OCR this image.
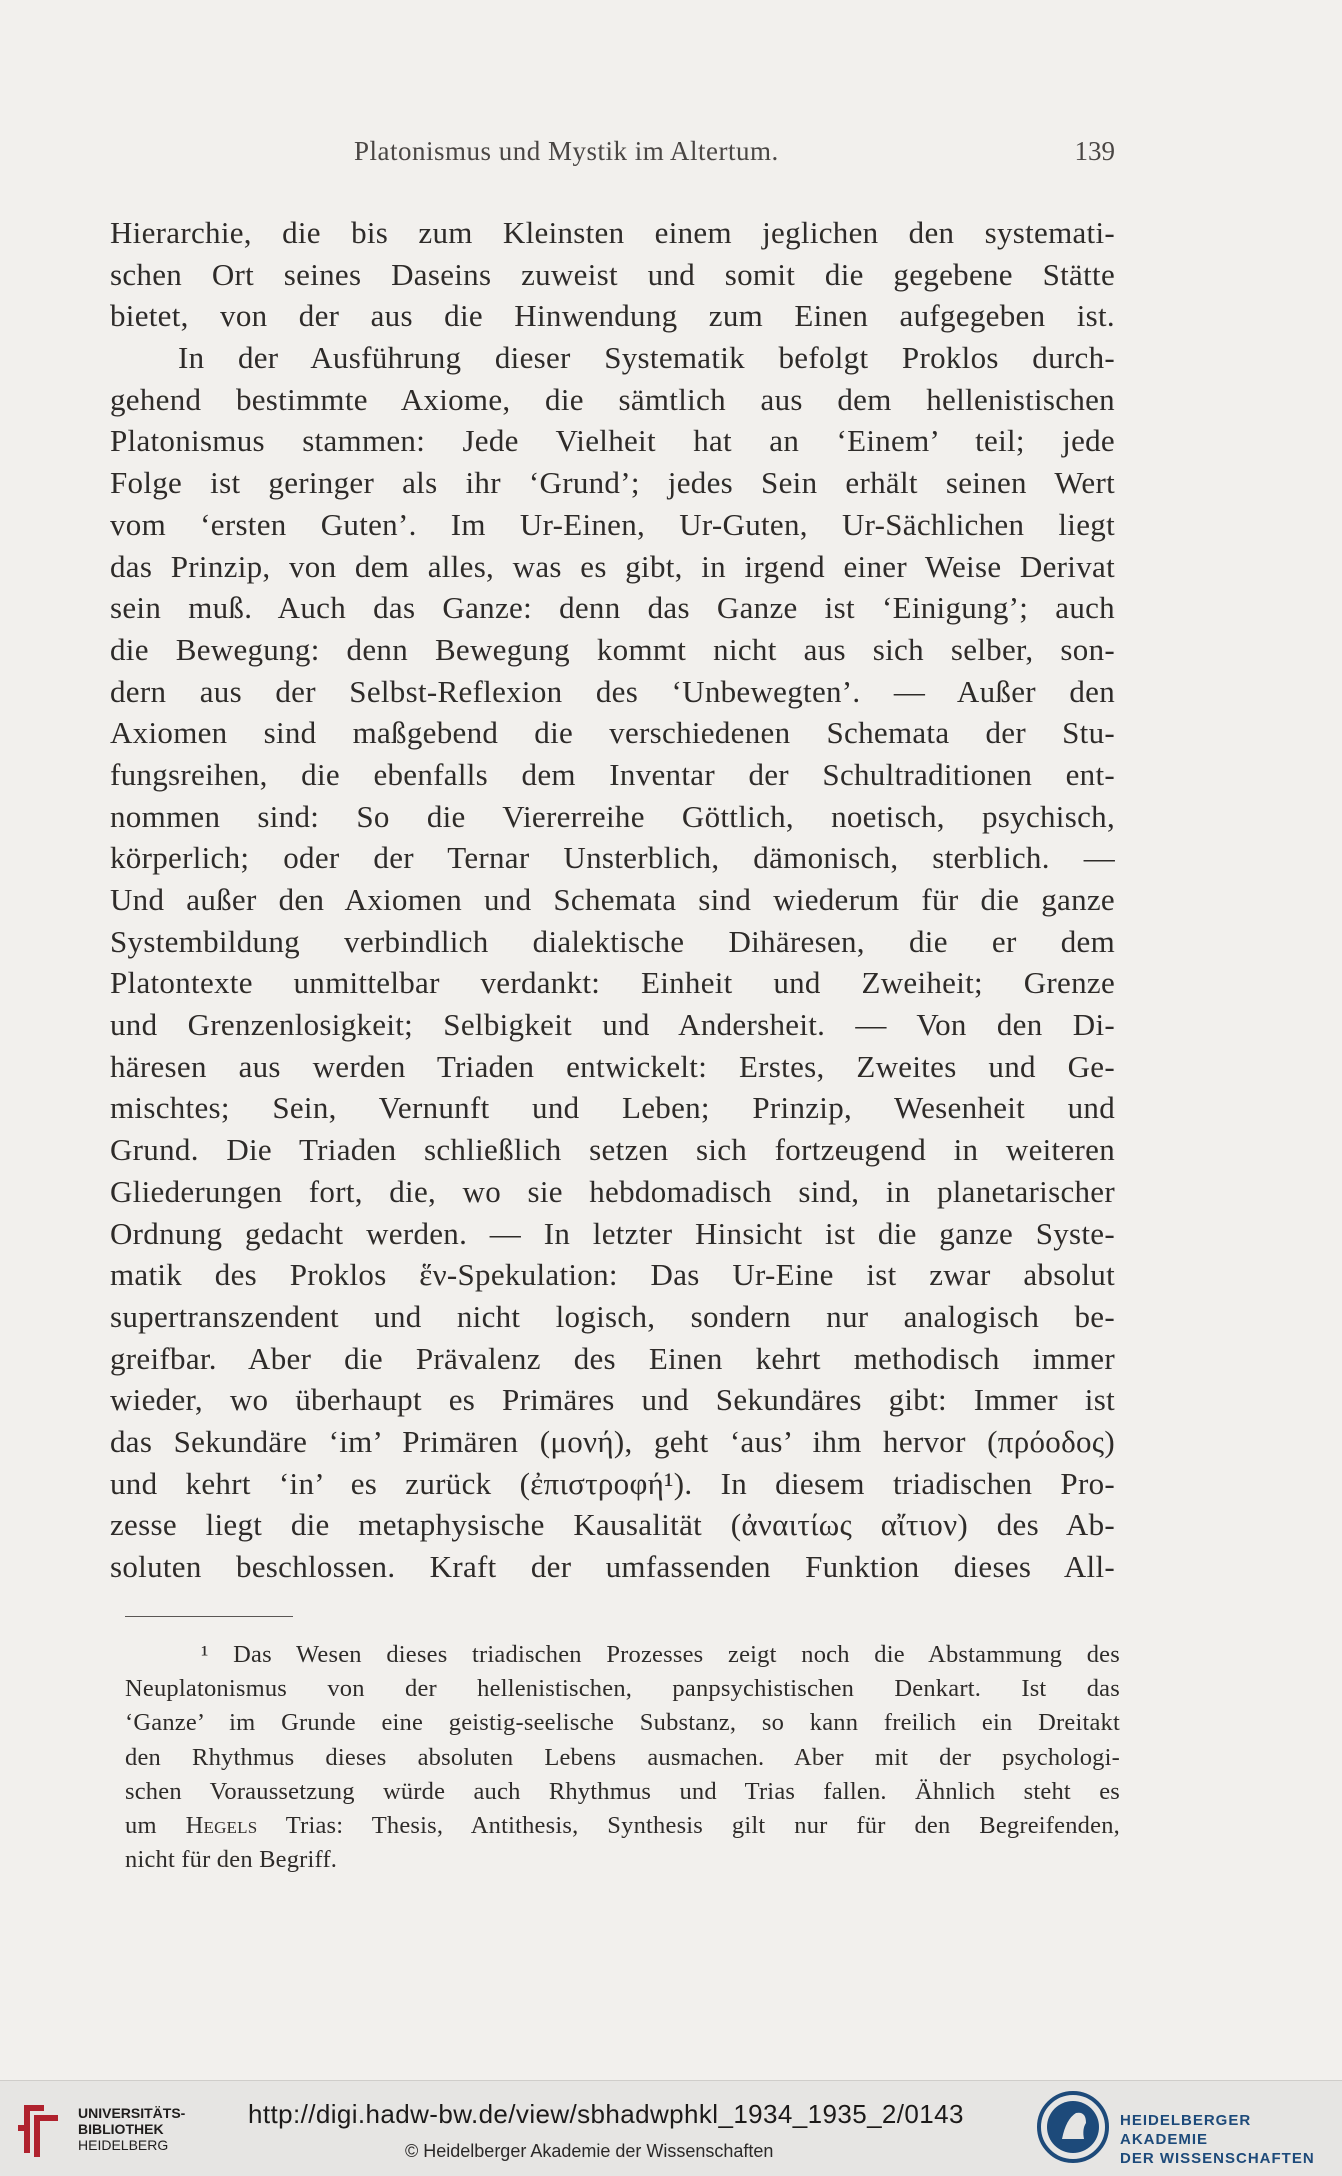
Platonismus und Mystik im Altertum.	139
Hierarchie, die bis zum Kleinsten einem jeglichen den systemati-
schen Ort seines Daseins zuweist und somit die gegebene Stätte
bietet, von der aus die Hinwendung zum Einen aufgegeben ist.
In der Ausführung dieser Systematik befolgt Proklos durch-
gehend bestimmte Axiome, die sämtlich aus dem hellenistischen
Platonismus stammen: Jede Vielheit hat an ‘Einem’ teil; jede
Folge ist geringer als ihr ‘Grund’; jedes Sein erhält seinen Wert
vom ‘ersten Guten’. Im Ur-Einen, Ur-Guten, Ur-Sächlichen liegt
das Prinzip, von dem alles, was es gibt, in irgend einer Weise Derivat
sein muß. Auch das Ganze: denn das Ganze ist ‘Einigung’; auch
die Bewegung: denn Bewegung kommt nicht aus sich selber, son-
dern aus der Selbst-Reflexion des ‘Unbewegten’. — Außer den
Axiomen sind maßgebend die verschiedenen Schemata der Stu-
fungsreihen, die ebenfalls dem Inventar der Schultraditionen ent-
nommen sind: So die Viererreihe Göttlich, noetisch, psychisch,
körperlich; oder der Ternar Unsterblich, dämonisch, sterblich. —
Und außer den Axiomen und Schemata sind wiederum für die ganze
Systembildung verbindlich dialektische Dihäresen, die er dem
Platontexte unmittelbar verdankt: Einheit und Zweiheit; Grenze
und Grenzenlosigkeit; Selbigkeit und Andersheit. — Von den Di-
häresen aus werden Triaden entwickelt: Erstes, Zweites und Ge-
mischtes; Sein, Vernunft und Leben; Prinzip, Wesenheit und
Grund. Die Triaden schließlich setzen sich fortzeugend in weiteren
Gliederungen fort, die, wo sie hebdomadisch sind, in planetarischer
Ordnung gedacht werden. — In letzter Hinsicht ist die ganze Syste-
matik des Proklos ἕν-Spekulation: Das Ur-Eine ist zwar absolut
supertranszendent und nicht logisch, sondern nur analogisch be-
greifbar. Aber die Prävalenz des Einen kehrt methodisch immer
wieder, wo überhaupt es Primäres und Sekundäres gibt: Immer ist
das Sekundäre ‘im’ Primären (μονή), geht ‘aus’ ihm hervor (πρόοδος)
und kehrt ‘in’ es zurück (ἐπιστροφή¹). In diesem triadischen Pro-
zesse liegt die metaphysische Kausalität (ἀναιτίως αἴτιον) des Ab-
soluten beschlossen. Kraft der umfassenden Funktion dieses All-
¹ Das Wesen dieses triadischen Prozesses zeigt noch die Abstammung des
Neuplatonismus von der hellenistischen, panpsychistischen Denkart. Ist das
‘Ganze’ im Grunde eine geistig-seelische Substanz, so kann freilich ein Dreitakt
den Rhythmus dieses absoluten Lebens ausmachen. Aber mit der psychologi-
schen Voraussetzung würde auch Rhythmus und Trias fallen. Ähnlich steht es
um Hegels Trias: Thesis, Antithesis, Synthesis gilt nur für den Begreifenden,
nicht für den Begriff.
UNIVERSITÄTS-
BIBLIOTHEK
HEIDELBERG
http://digi.hadw-bw.de/view/sbhadwphkl_1934_1935_2/0143
© Heidelberger Akademie der Wissenschaften
HEIDELBERGER AKADEMIE
DER WISSENSCHAFTEN
